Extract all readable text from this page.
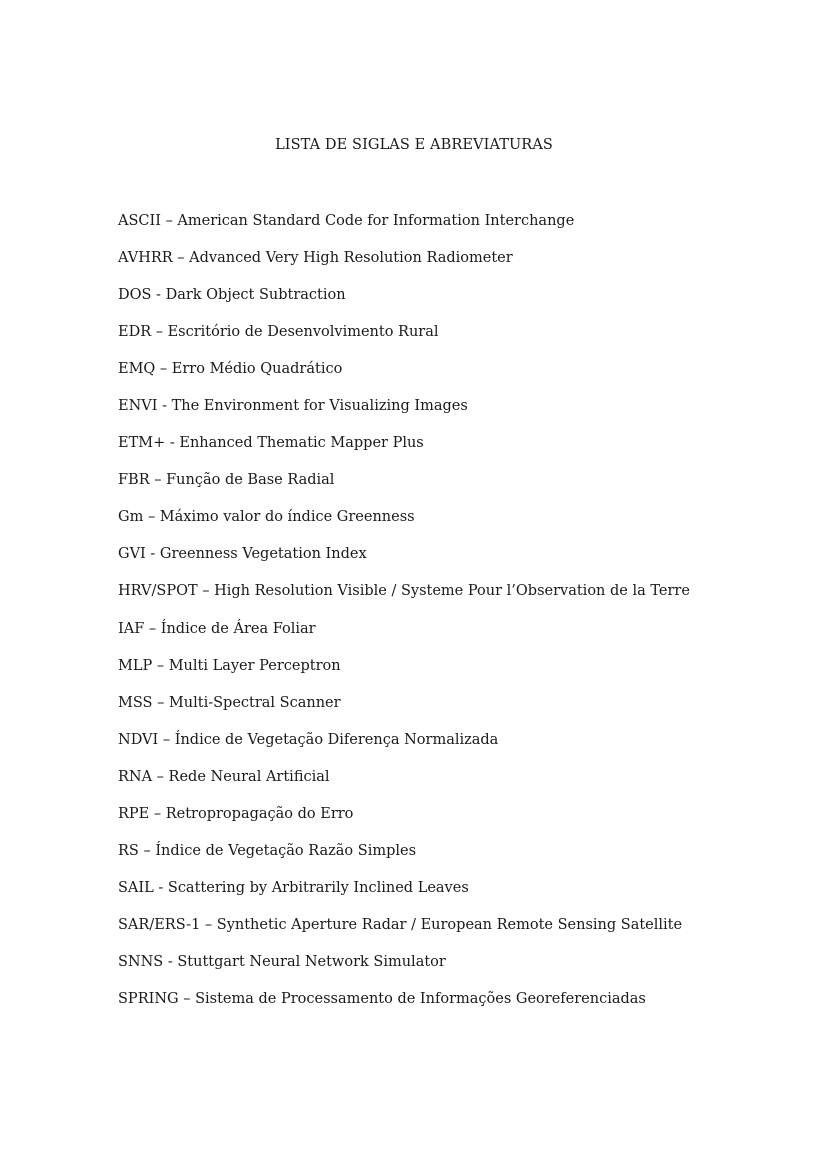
LISTA DE SIGLAS E ABREVIATURAS
ASCII – American Standard Code for Information Interchange
AVHRR – Advanced Very High Resolution Radiometer
DOS - Dark Object Subtraction
EDR – Escritório de Desenvolvimento Rural
EMQ – Erro Médio Quadrático
ENVI - The Environment for Visualizing Images
ETM+ - Enhanced Thematic Mapper Plus
FBR – Função de Base Radial
Gm – Máximo valor do índice Greenness
GVI - Greenness Vegetation Index
HRV/SPOT – High Resolution Visible / Systeme Pour l’Observation de la Terre
IAF – Índice de Área Foliar
MLP – Multi Layer Perceptron
MSS – Multi-Spectral Scanner
NDVI – Índice de Vegetação Diferença Normalizada
RNA – Rede Neural Artificial
RPE – Retropropagação do Erro
RS – Índice de Vegetação Razão Simples
SAIL - Scattering by Arbitrarily Inclined Leaves
SAR/ERS-1 – Synthetic Aperture Radar / European Remote Sensing Satellite
SNNS - Stuttgart Neural Network Simulator
SPRING – Sistema de Processamento de Informações Georeferenciadas
